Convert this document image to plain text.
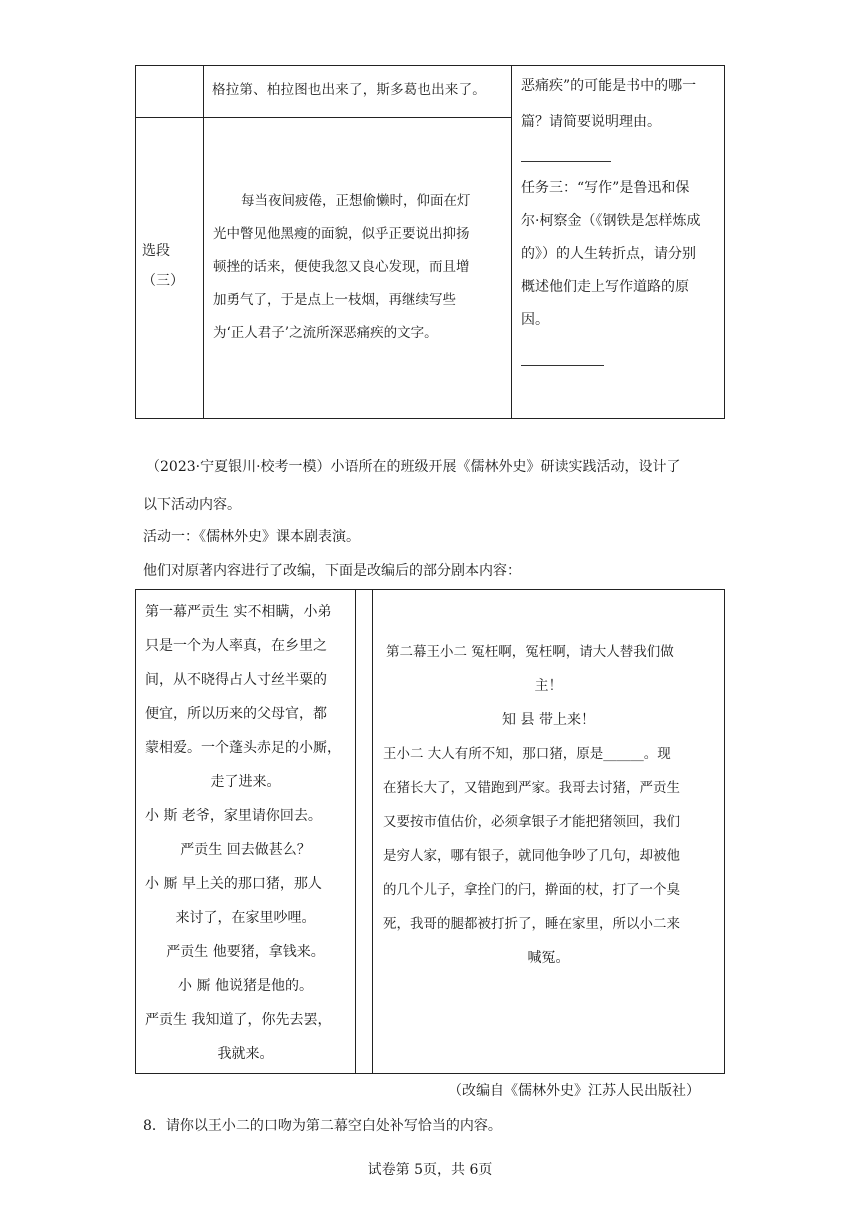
格拉第、柏拉图也出来了，斯多葛也出来了。
选段
（三）
每当夜间疲倦，正想偷懒时，仰面在灯光中瞥见他黑瘦的面貌，似乎正要说出抑扬顿挫的话来，便使我忽又良心发现，而且增加勇气了，于是点上一枝烟，再继续写些为‘正人君子’之流所深恶痛疾的文字。
恶痛疾”的可能是书中的哪一
篇？请简要说明理由。
任务三：“写作”是鲁迅和保
尔·柯察金（《钢铁是怎样炼成
的》）的人生转折点，请分别
概述他们走上写作道路的原
因。
（2023·宁夏银川·校考一模）小语所在的班级开展《儒林外史》研读实践活动，设计了
以下活动内容。
活动一：《儒林外史》课本剧表演。
他们对原著内容进行了改编，下面是改编后的部分剧本内容：
第一幕严贡生 实不相瞒，小弟
只是一个为人率真，在乡里之
间，从不晓得占人寸丝半粟的
便宜，所以历来的父母官，都
蒙相爱。一个蓬头赤足的小厮，
走了进来。
小 斯 老爷，家里请你回去。
严贡生 回去做甚么？
小 厮 早上关的那口猪，那人
来讨了，在家里吵哩。
严贡生 他要猪，拿钱来。
小 厮 他说猪是他的。
严贡生 我知道了，你先去罢，
我就来。
第二幕王小二 冤枉啊，冤枉啊，请大人替我们做
主！
知 县 带上来！
王小二 大人有所不知，那口猪，原是______。现
在猪长大了，又错跑到严家。我哥去讨猪，严贡生
又要按市值估价，必须拿银子才能把猪领回，我们
是穷人家，哪有银子，就同他争吵了几句，却被他
的几个儿子，拿拴门的闩，擀面的杖，打了一个臭
死，我哥的腿都被打折了，睡在家里，所以小二来
喊冤。
（改编自《儒林外史》江苏人民出版社）
8．请你以王小二的口吻为第二幕空白处补写恰当的内容。
试卷第 5页，共 6页
